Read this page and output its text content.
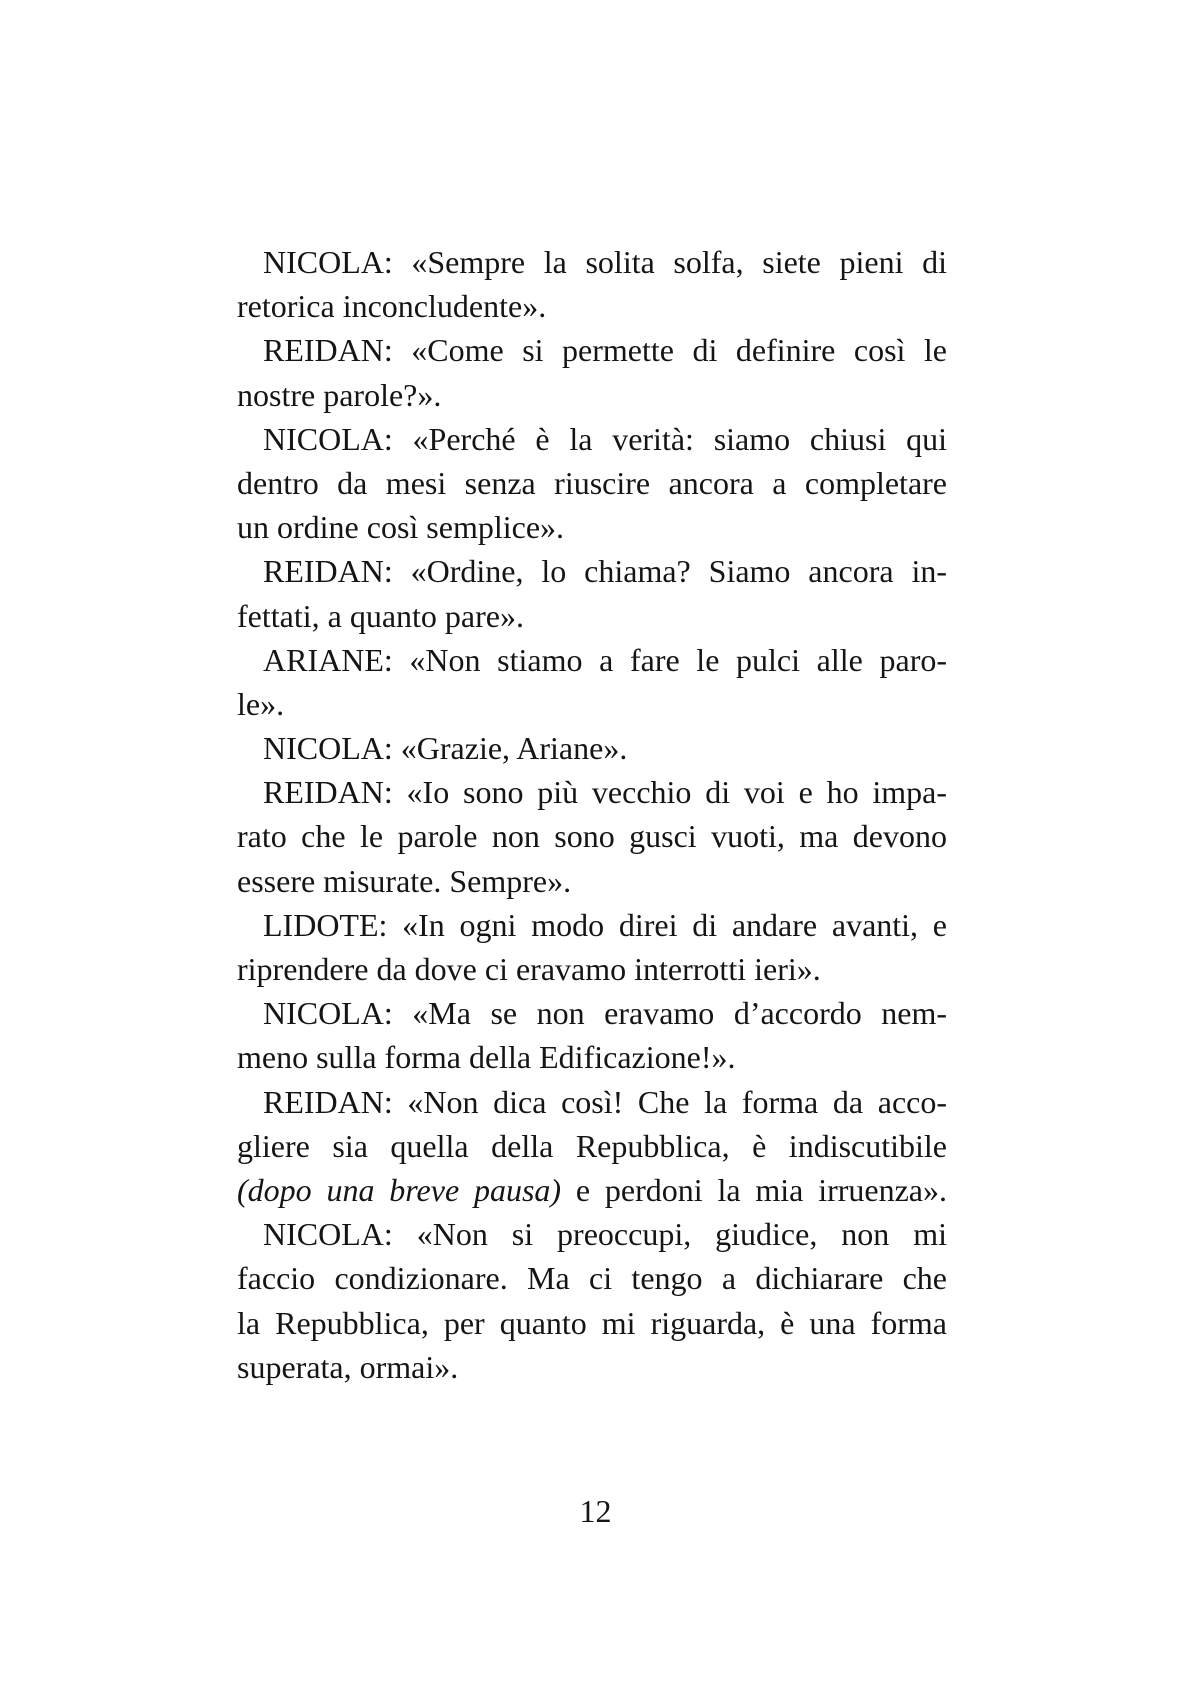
NICOLA: «Sempre la solita solfa, siete pieni di
retorica inconcludente».
REIDAN: «Come si permette di definire così le
nostre parole?».
NICOLA: «Perché è la verità: siamo chiusi qui
dentro da mesi senza riuscire ancora a completare
un ordine così semplice».
REIDAN: «Ordine, lo chiama? Siamo ancora in-
fettati, a quanto pare».
ARIANE: «Non stiamo a fare le pulci alle paro-
le».
NICOLA: «Grazie, Ariane».
REIDAN: «Io sono più vecchio di voi e ho impa-
rato che le parole non sono gusci vuoti, ma devono
essere misurate. Sempre».
LIDOTE: «In ogni modo direi di andare avanti, e
riprendere da dove ci eravamo interrotti ieri».
NICOLA: «Ma se non eravamo d’accordo nem-
meno sulla forma della Edificazione!».
REIDAN: «Non dica così! Che la forma da acco-
gliere sia quella della Repubblica, è indiscutibile
(dopo una breve pausa) e perdoni la mia irruenza».
NICOLA: «Non si preoccupi, giudice, non mi
faccio condizionare. Ma ci tengo a dichiarare che
la Repubblica, per quanto mi riguarda, è una forma
superata, ormai».
12
